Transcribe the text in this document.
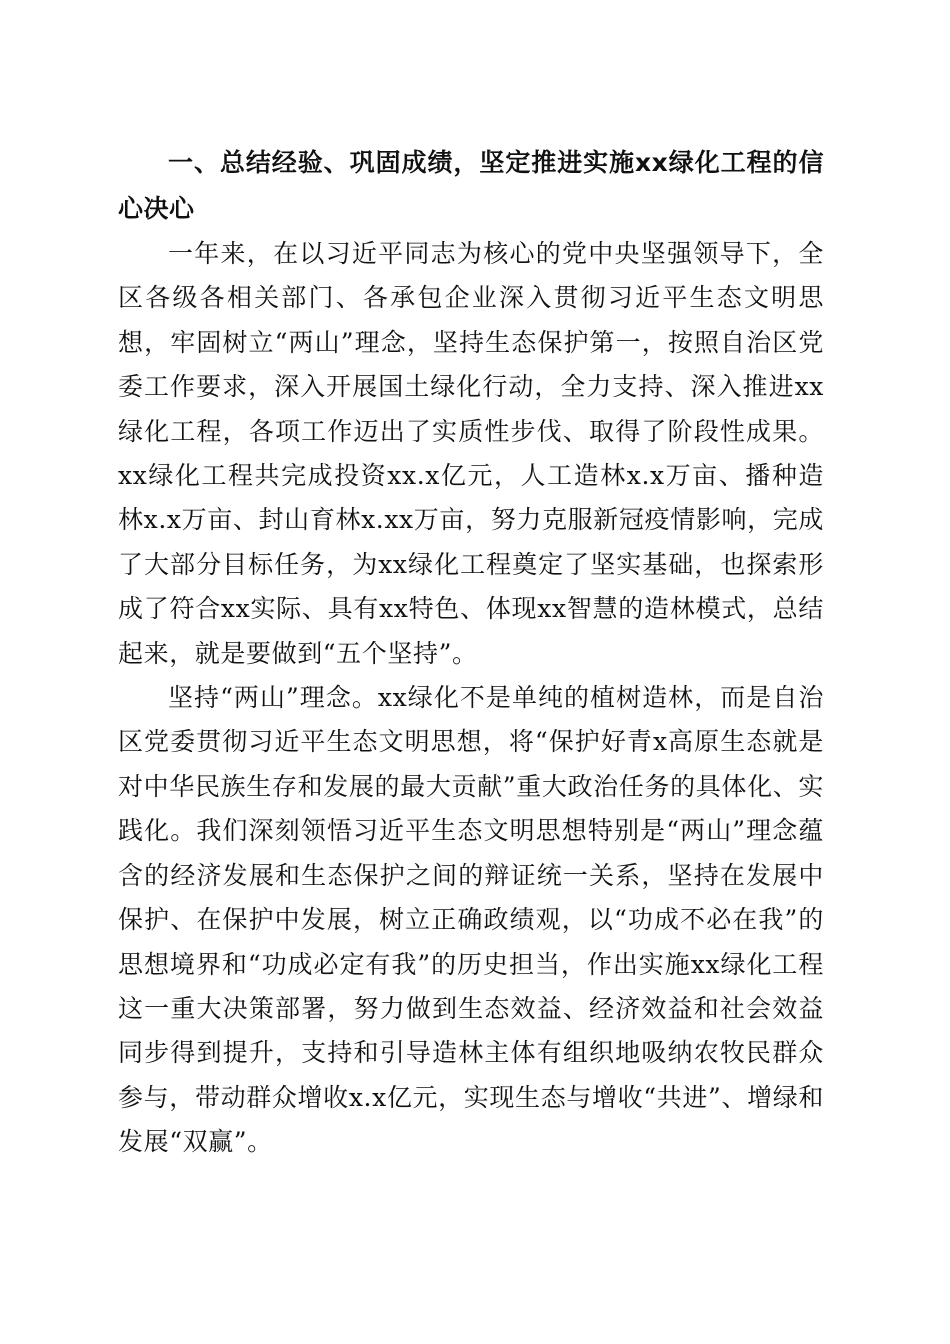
一、总结经验、巩固成绩，坚定推进实施xx绿化工程的信心决心

一年来，在以习近平同志为核心的党中央坚强领导下，全区各级各相关部门、各承包企业深入贯彻习近平生态文明思想，牢固树立“两山”理念，坚持生态保护第一，按照自治区党委工作要求，深入开展国土绿化行动，全力支持、深入推进xx绿化工程，各项工作迈出了实质性步伐、取得了阶段性成果。xx绿化工程共完成投资xx.x亿元，人工造林x.x万亩、播种造林x.x万亩、封山育林x.xx万亩，努力克服新冠疫情影响，完成了大部分目标任务，为xx绿化工程奠定了坚实基础，也探索形成了符合xx实际、具有xx特色、体现xx智慧的造林模式，总结起来，就是要做到“五个坚持”。

坚持“两山”理念。xx绿化不是单纯的植树造林，而是自治区党委贯彻习近平生态文明思想，将“保护好青x高原生态就是对中华民族生存和发展的最大贡献”重大政治任务的具体化、实践化。我们深刻领悟习近平生态文明思想特别是“两山”理念蕴含的经济发展和生态保护之间的辩证统一关系，坚持在发展中保护、在保护中发展，树立正确政绩观，以“功成不必在我”的思想境界和“功成必定有我”的历史担当，作出实施xx绿化工程这一重大决策部署，努力做到生态效益、经济效益和社会效益同步得到提升，支持和引导造林主体有组织地吸纳农牧民群众参与，带动群众增收x.x亿元，实现生态与增收“共进”、增绿和发展“双赢”。
